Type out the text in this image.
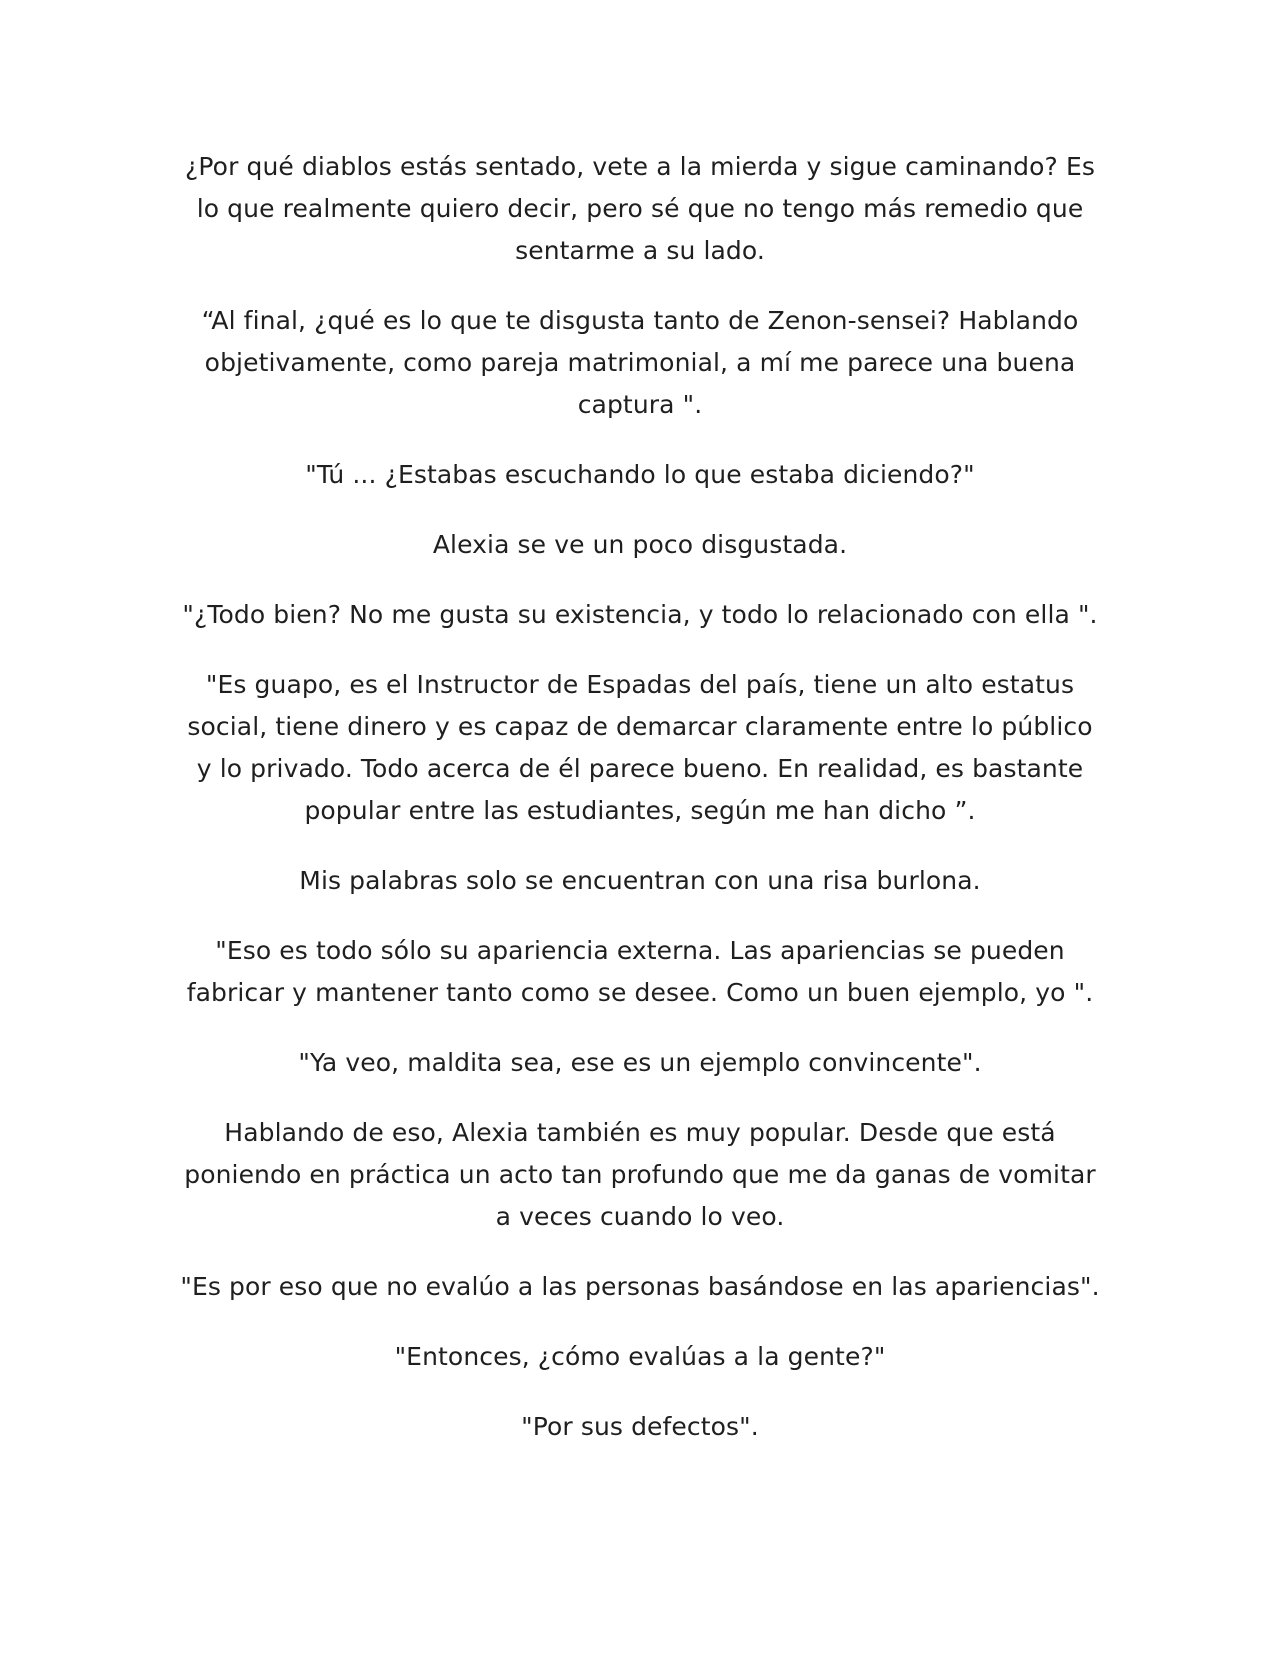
¿Por qué diablos estás sentado, vete a la mierda y sigue caminando? Es lo que realmente quiero decir, pero sé que no tengo más remedio que sentarme a su lado.

“Al final, ¿qué es lo que te disgusta tanto de Zenon-sensei? Hablando objetivamente, como pareja matrimonial, a mí me parece una buena captura ".

"Tú ... ¿Estabas escuchando lo que estaba diciendo?"

Alexia se ve un poco disgustada.

"¿Todo bien? No me gusta su existencia, y todo lo relacionado con ella ".

"Es guapo, es el Instructor de Espadas del país, tiene un alto estatus social, tiene dinero y es capaz de demarcar claramente entre lo público y lo privado. Todo acerca de él parece bueno. En realidad, es bastante popular entre las estudiantes, según me han dicho ”.

Mis palabras solo se encuentran con una risa burlona.

"Eso es todo sólo su apariencia externa. Las apariencias se pueden fabricar y mantener tanto como se desee. Como un buen ejemplo, yo ".

"Ya veo, maldita sea, ese es un ejemplo convincente".

Hablando de eso, Alexia también es muy popular. Desde que está poniendo en práctica un acto tan profundo que me da ganas de vomitar a veces cuando lo veo.

"Es por eso que no evalúo a las personas basándose en las apariencias".

"Entonces, ¿cómo evalúas a la gente?"

"Por sus defectos".
